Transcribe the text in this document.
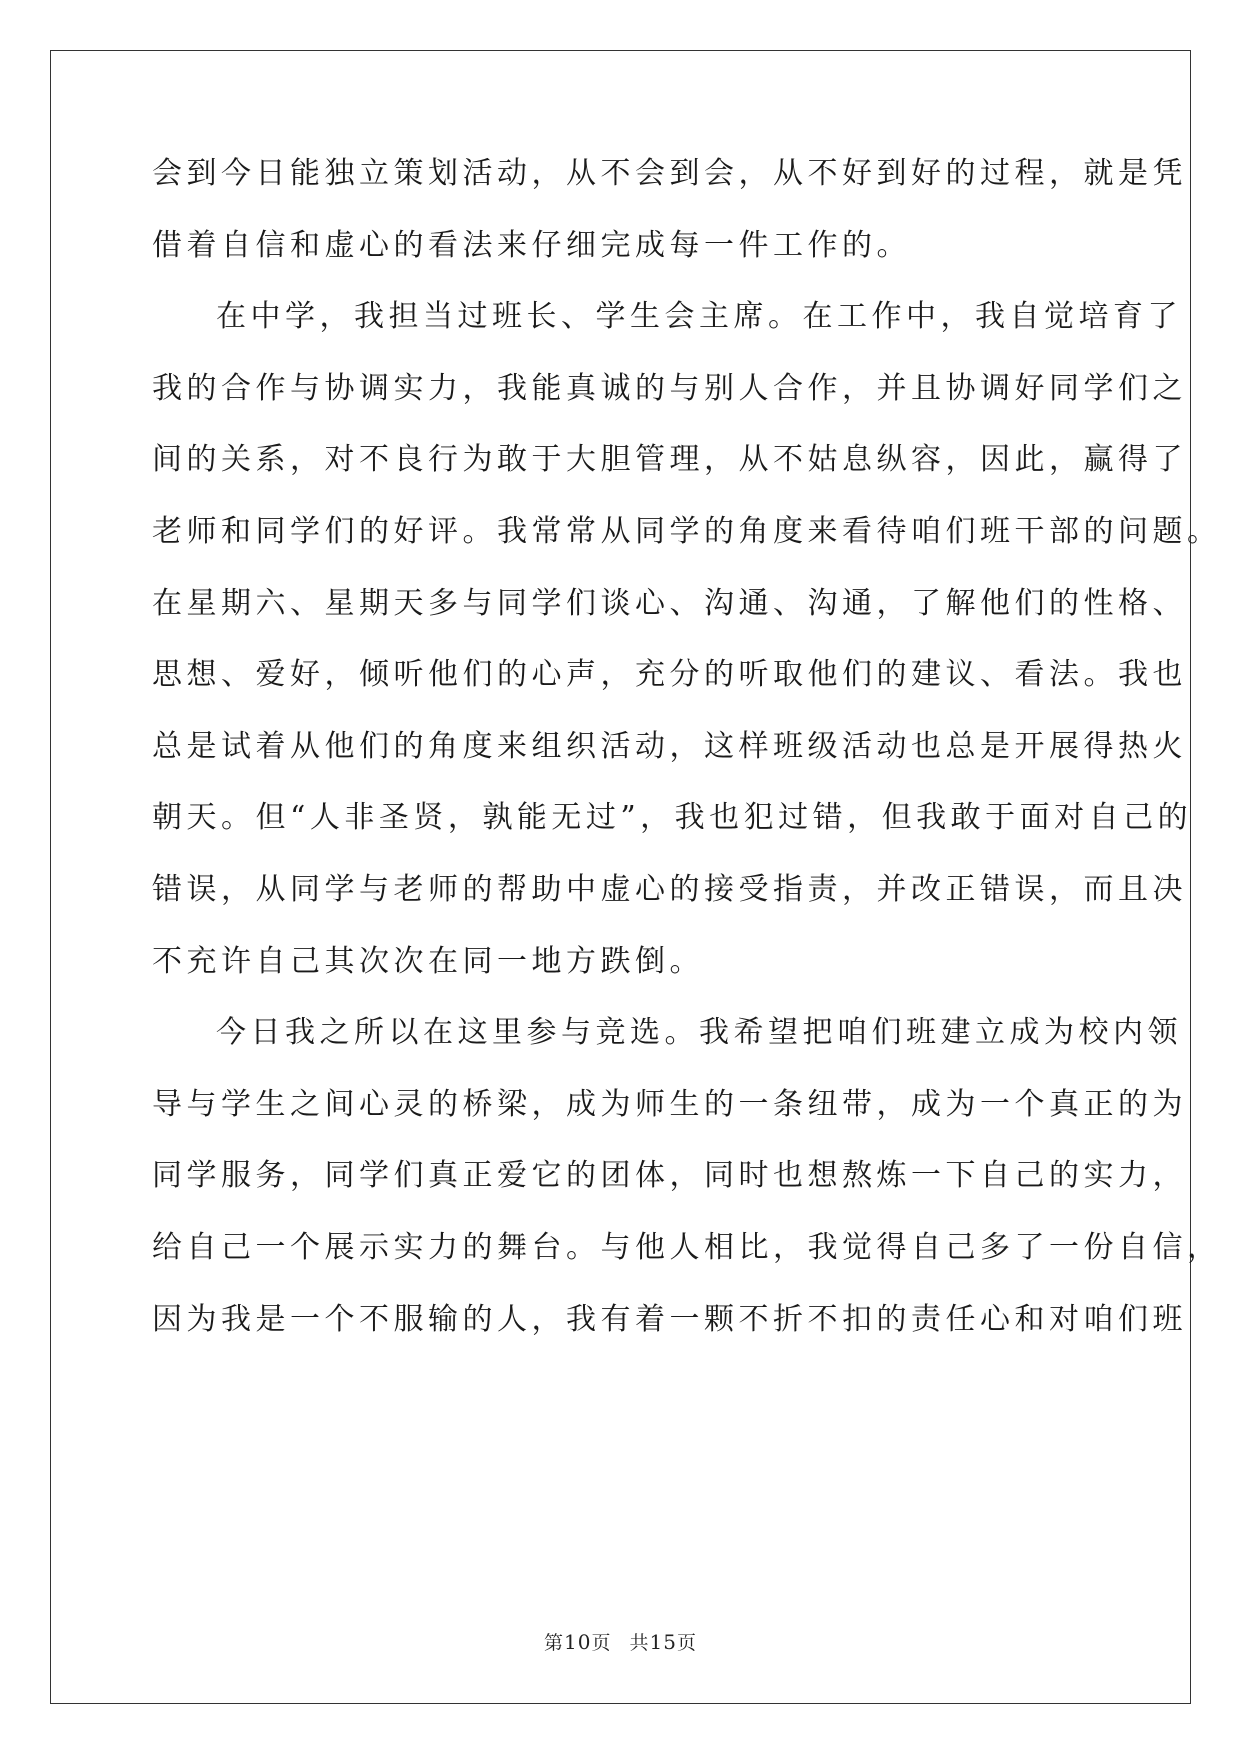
会到今日能独立策划活动，从不会到会，从不好到好的过程，就是凭
借着自信和虚心的看法来仔细完成每一件工作的。
在中学，我担当过班长、学生会主席。在工作中，我自觉培育了
我的合作与协调实力，我能真诚的与别人合作，并且协调好同学们之
间的关系，对不良行为敢于大胆管理，从不姑息纵容，因此，赢得了
老师和同学们的好评。我常常从同学的角度来看待咱们班干部的问题。
在星期六、星期天多与同学们谈心、沟通、沟通，了解他们的性格、
思想、爱好，倾听他们的心声，充分的听取他们的建议、看法。我也
总是试着从他们的角度来组织活动，这样班级活动也总是开展得热火
朝天。但“人非圣贤，孰能无过”，我也犯过错，但我敢于面对自己的
错误，从同学与老师的帮助中虚心的接受指责，并改正错误，而且决
不充许自己其次次在同一地方跌倒。
今日我之所以在这里参与竞选。我希望把咱们班建立成为校内领
导与学生之间心灵的桥梁，成为师生的一条纽带，成为一个真正的为
同学服务，同学们真正爱它的团体，同时也想熬炼一下自己的实力，
给自己一个展示实力的舞台。与他人相比，我觉得自己多了一份自信，
因为我是一个不服输的人，我有着一颗不折不扣的责任心和对咱们班
第10页 共15页
